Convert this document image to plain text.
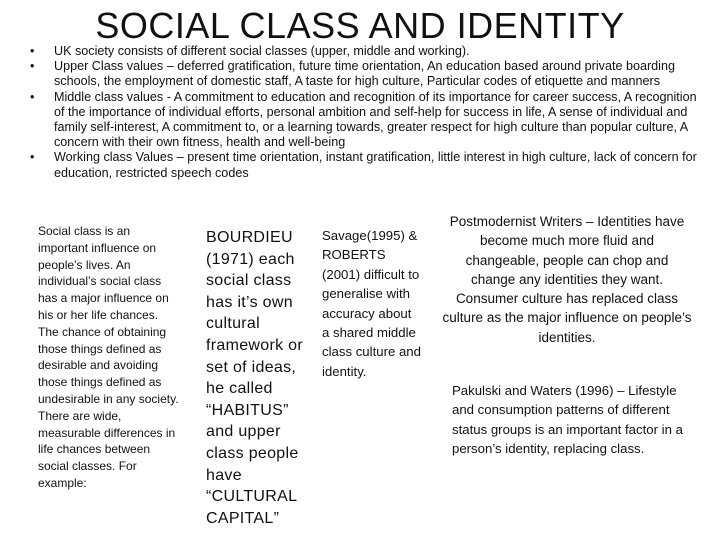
SOCIAL CLASS AND IDENTITY
• UK society consists of different social classes (upper, middle and working).
• Upper Class values – deferred gratification, future time orientation, An education based around private boarding schools, the employment of domestic staff, A taste for high culture, Particular codes of etiquette and manners
• Middle class values - A commitment to education and recognition of its importance for career success, A recognition of the importance of individual efforts, personal ambition and self-help for success in life, A sense of individual and family self-interest, A commitment to, or a learning towards, greater respect for high culture than popular culture, A concern with their own fitness, health and well-being
• Working class Values – present time orientation, instant gratification, little interest in high culture, lack of concern for education, restricted speech codes
Social class is an important influence on people’s lives. An individual’s social class has a major influence on his or her life chances. The chance of obtaining those things defined as desirable and avoiding those things defined as undesirable in any society. There are wide, measurable differences in life chances between social classes. For example:
BOURDIEU (1971) each social class has it’s own cultural framework or set of ideas, he called “HABITUS” and upper class people have “CULTURAL CAPITAL”
Savage(1995) & ROBERTS (2001) difficult to generalise with accuracy about a shared middle class culture and identity.
Postmodernist Writers – Identities have become much more fluid and changeable, people can chop and change any identities they want. Consumer culture has replaced class culture as the major influence on people’s identities.
Pakulski and Waters (1996) – Lifestyle and consumption patterns of different status groups is an important factor in a person’s identity, replacing class.
